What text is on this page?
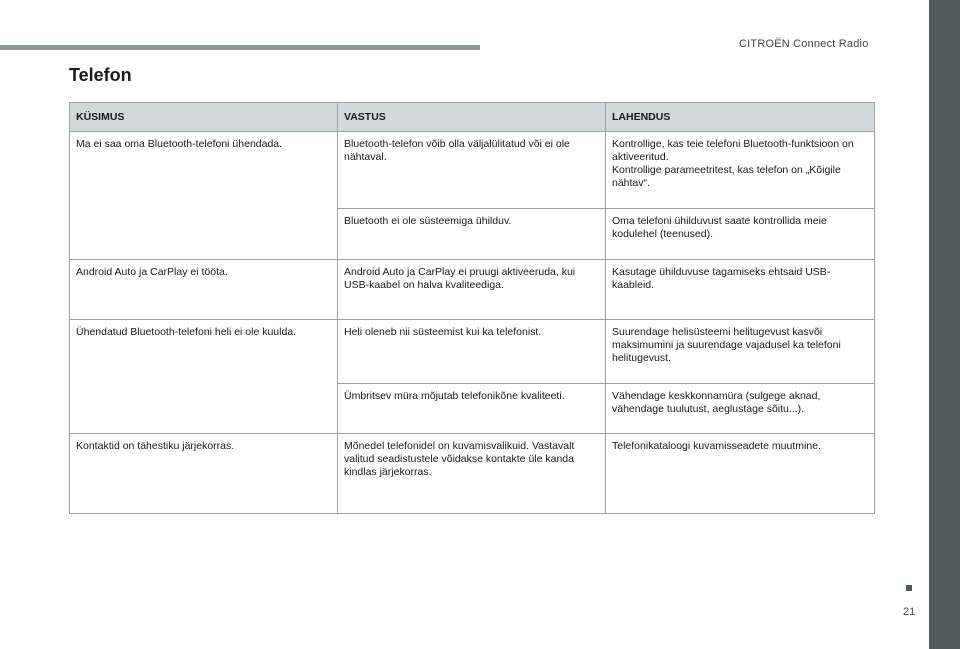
CITROËN Connect Radio
Telefon
KÜSIMUS	VASTUS	LAHENDUS
Ma ei saa oma Bluetooth-telefoni ühendada.	Bluetooth-telefon võib olla väljalülitatud või ei ole nähtaval.	Kontrollige, kas teie telefoni Bluetooth-funktsioon on aktiveeritud.
Kontrollige parameetritest, kas telefon on „Kõigile nähtav“.
	Bluetooth ei ole süsteemiga ühilduv.	Oma telefoni ühilduvust saate kontrollida meie kodulehel (teenused).
Android Auto ja CarPlay ei tööta.	Android Auto ja CarPlay ei pruugi aktiveeruda, kui USB-kaabel on halva kvaliteediga.	Kasutage ühilduvuse tagamiseks ehtsaid USB-kaableid.
Ühendatud Bluetooth-telefoni heli ei ole kuulda.	Heli oleneb nii süsteemist kui ka telefonist.	Suurendage helisüsteemi helitugevust kasvõi maksimumini ja suurendage vajadusel ka telefoni helitugevust.
	Ümbritsev müra mõjutab telefonikõne kvaliteeti.	Vähendage keskkonnamüra (sulgege aknad, vähendage tuulutust, aeglustage sõitu...).
Kontaktid on tähestiku järjekorras.	Mõnedel telefonidel on kuvamisvalikuid. Vastavalt valitud seadistustele võidakse kontakte üle kanda kindlas järjekorras.	Telefonikataloogi kuvamisseadete muutmine.
21
